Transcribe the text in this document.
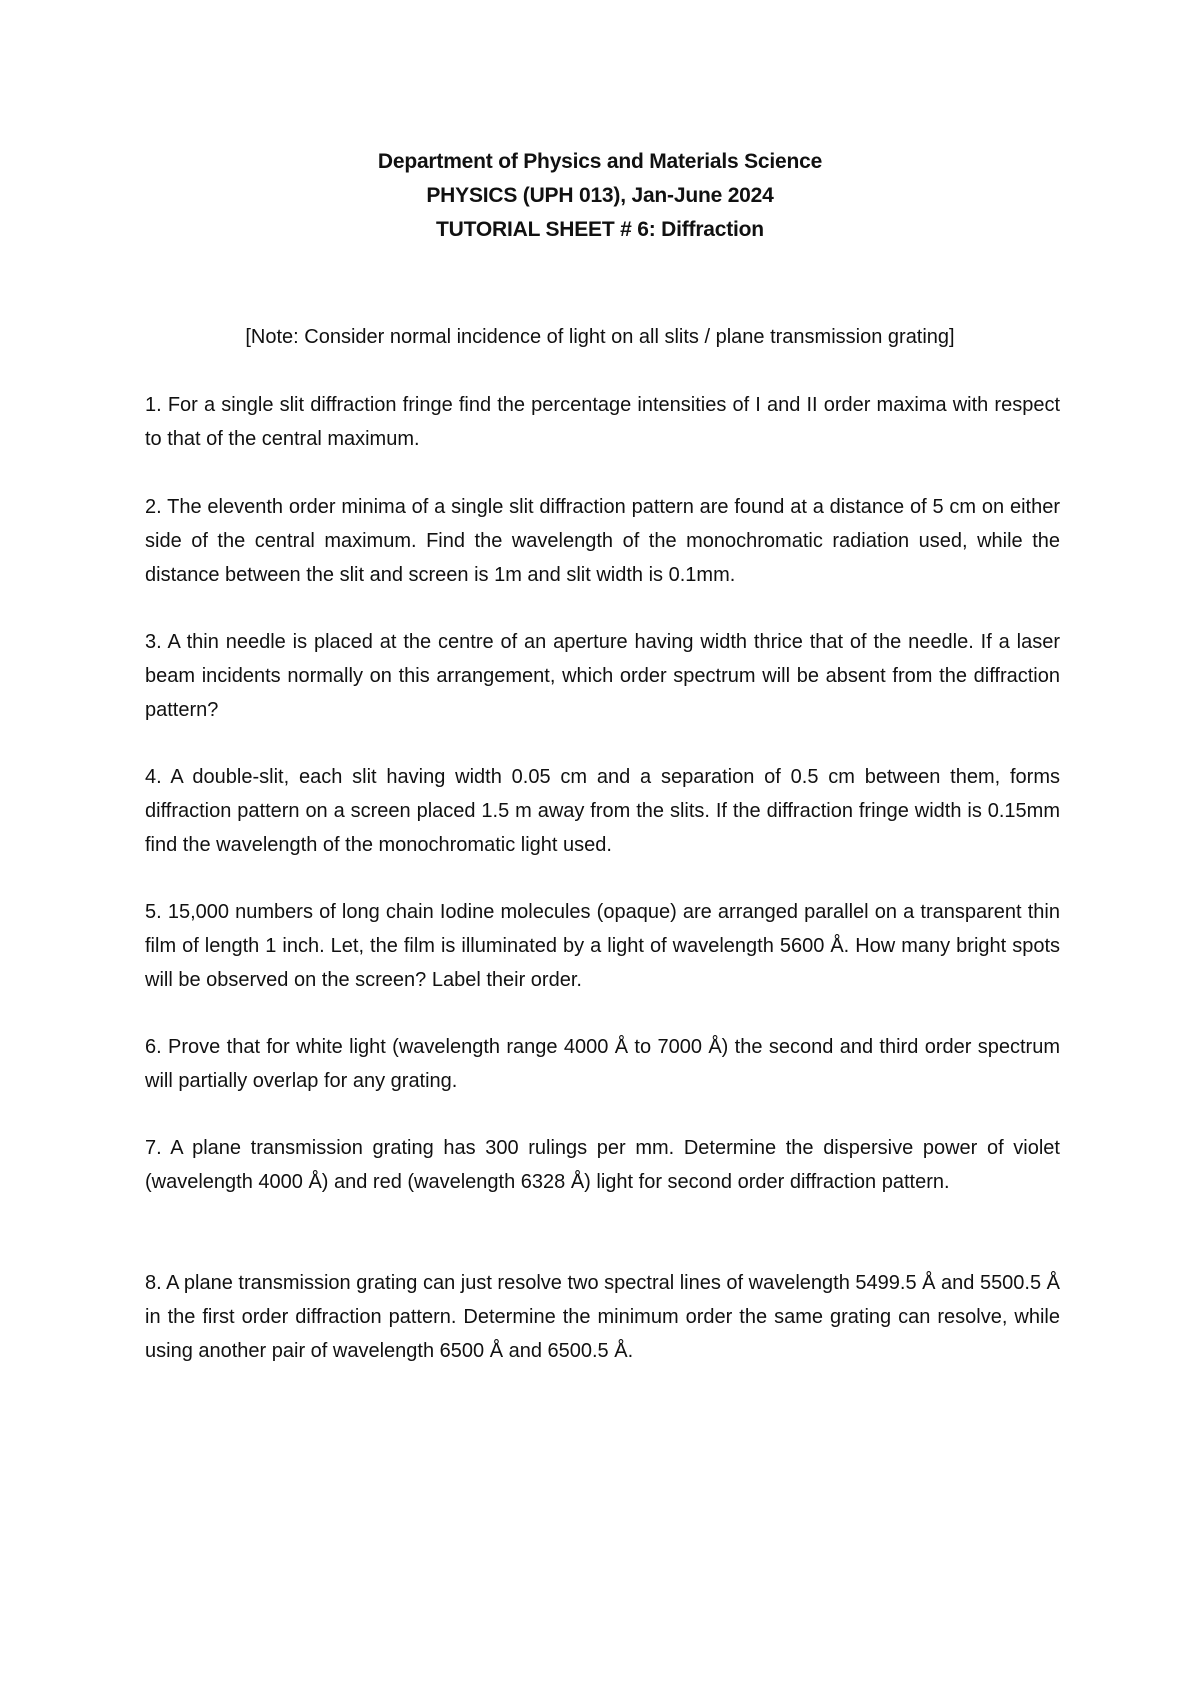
Department of Physics and Materials Science
PHYSICS (UPH 013), Jan-June 2024
TUTORIAL SHEET # 6: Diffraction
[Note: Consider normal incidence of light on all slits / plane transmission grating]
1. For a single slit diffraction fringe find the percentage intensities of I and II order maxima with respect to that of the central maximum.
2. The eleventh order minima of a single slit diffraction pattern are found at a distance of 5 cm on either side of the central maximum. Find the wavelength of the monochromatic radiation used, while the distance between the slit and screen is 1m and slit width is 0.1mm.
3. A thin needle is placed at the centre of an aperture having width thrice that of the needle. If a laser beam incidents normally on this arrangement, which order spectrum will be absent from the diffraction pattern?
4. A double-slit, each slit having width 0.05 cm and a separation of 0.5 cm between them, forms diffraction pattern on a screen placed 1.5 m away from the slits. If the diffraction fringe width is 0.15mm find the wavelength of the monochromatic light used.
5. 15,000 numbers of long chain Iodine molecules (opaque) are arranged parallel on a transparent thin film of length 1 inch. Let, the film is illuminated by a light of wavelength 5600 Å. How many bright spots will be observed on the screen? Label their order.
6. Prove that for white light (wavelength range 4000 Å to 7000 Å) the second and third order spectrum will partially overlap for any grating.
7. A plane transmission grating has 300 rulings per mm. Determine the dispersive power of violet (wavelength 4000 Å) and red (wavelength 6328 Å) light for second order diffraction pattern.
8. A plane transmission grating can just resolve two spectral lines of wavelength 5499.5 Å and 5500.5 Å in the first order diffraction pattern. Determine the minimum order the same grating can resolve, while using another pair of wavelength 6500 Å and 6500.5 Å.
